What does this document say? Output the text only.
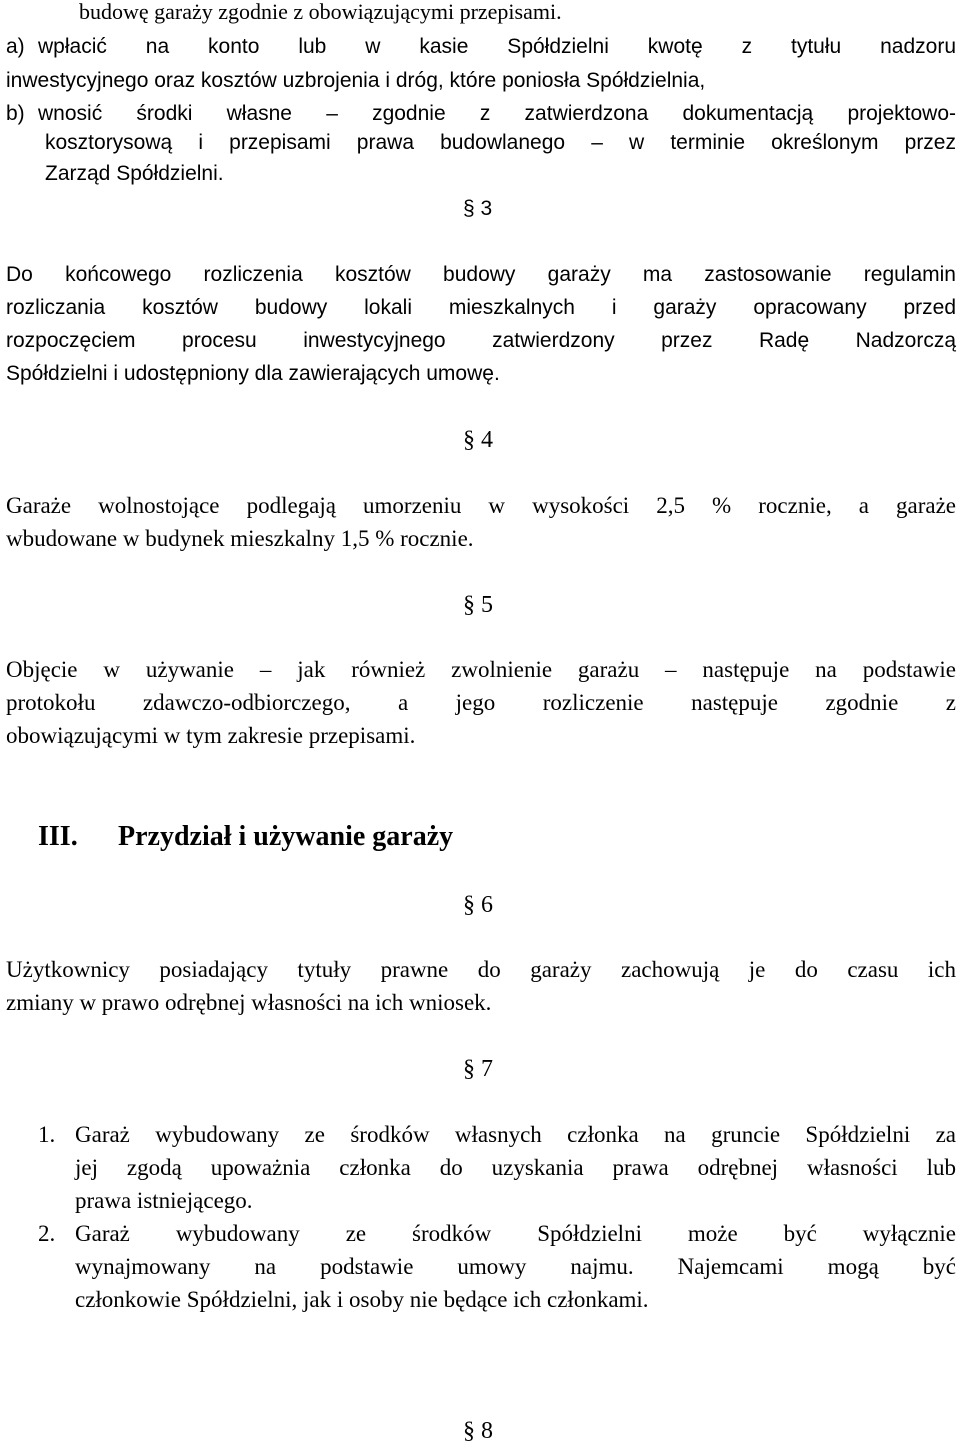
budowę garaży zgodnie z obowiązującymi przepisami.
a) wpłacić na konto lub w kasie Spółdzielni kwotę z tytułu nadzoru
inwestycyjnego oraz kosztów uzbrojenia i dróg, które poniosła Spółdzielnia,
b) wnosić środki własne – zgodnie z zatwierdzona dokumentacją projektowo-
kosztorysową i przepisami prawa budowlanego – w terminie określonym przez
Zarząd Spółdzielni.
§ 3
Do końcowego rozliczenia kosztów budowy garaży ma zastosowanie regulamin
rozliczania kosztów budowy lokali mieszkalnych i garaży opracowany przed
rozpoczęciem procesu inwestycyjnego zatwierdzony przez Radę Nadzorczą
Spółdzielni i udostępniony dla zawierających umowę.
§ 4
Garaże wolnostojące podlegają umorzeniu w wysokości 2,5 % rocznie, a garaże
wbudowane w budynek mieszkalny 1,5 % rocznie.
§ 5
Objęcie w używanie – jak również zwolnienie garażu – następuje na podstawie
protokołu zdawczo-odbiorczego, a jego rozliczenie następuje zgodnie z
obowiązującymi w tym zakresie przepisami.
III. Przydział i używanie garaży
§ 6
Użytkownicy posiadający tytuły prawne do garaży zachowują je do czasu ich
zmiany w prawo odrębnej własności na ich wniosek.
§ 7
1. Garaż wybudowany ze środków własnych członka na gruncie Spółdzielni za
jej zgodą upoważnia członka do uzyskania prawa odrębnej własności lub
prawa istniejącego.
2. Garaż wybudowany ze środków Spółdzielni może być wyłącznie
wynajmowany na podstawie umowy najmu. Najemcami mogą być
członkowie Spółdzielni, jak i osoby nie będące ich członkami.
§ 8
